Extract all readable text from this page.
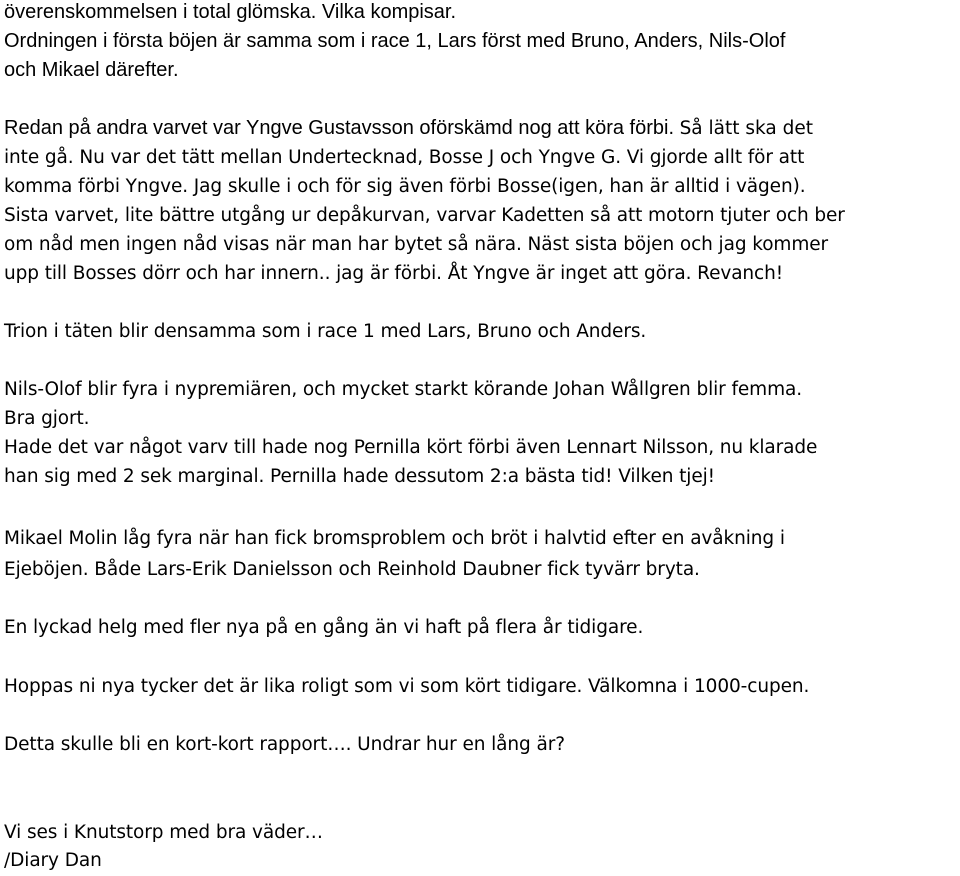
överenskommelsen i total glömska. Vilka kompisar.
Ordningen i första böjen är samma som i race 1, Lars först med Bruno, Anders, Nils-Olof
och Mikael därefter.
Redan på andra varvet var Yngve Gustavsson oförskämd nog att köra förbi. Så lätt ska det
inte gå. Nu var det tätt mellan Undertecknad, Bosse J och Yngve G. Vi gjorde allt för att
komma förbi Yngve. Jag skulle i och för sig även förbi Bosse(igen, han är alltid i vägen).
Sista varvet, lite bättre utgång ur depåkurvan, varvar Kadetten så att motorn tjuter och ber
om nåd men ingen nåd visas när man har bytet så nära. Näst sista böjen och jag kommer
upp till Bosses dörr och har innern.. jag är förbi. Åt Yngve är inget att göra. Revanch!
Trion i täten blir densamma som i race 1 med Lars, Bruno och Anders.
Nils-Olof blir fyra i nypremiären, och mycket starkt körande Johan Wållgren blir femma.
Bra gjort.
Hade det var något varv till hade nog Pernilla kört förbi även Lennart Nilsson, nu klarade
han sig med 2 sek marginal. Pernilla hade dessutom 2:a bästa tid! Vilken tjej!
Mikael Molin låg fyra när han fick bromsproblem och bröt i halvtid efter en avåkning i
Ejeböjen. Både Lars-Erik Danielsson och Reinhold Daubner fick tyvärr bryta.
En lyckad helg med fler nya på en gång än vi haft på flera år tidigare.
Hoppas ni nya tycker det är lika roligt som vi som kört tidigare. Välkomna i 1000-cupen.
Detta skulle bli en kort-kort rapport…. Undrar hur en lång är?
Vi ses i Knutstorp med bra väder…
/Diary Dan
